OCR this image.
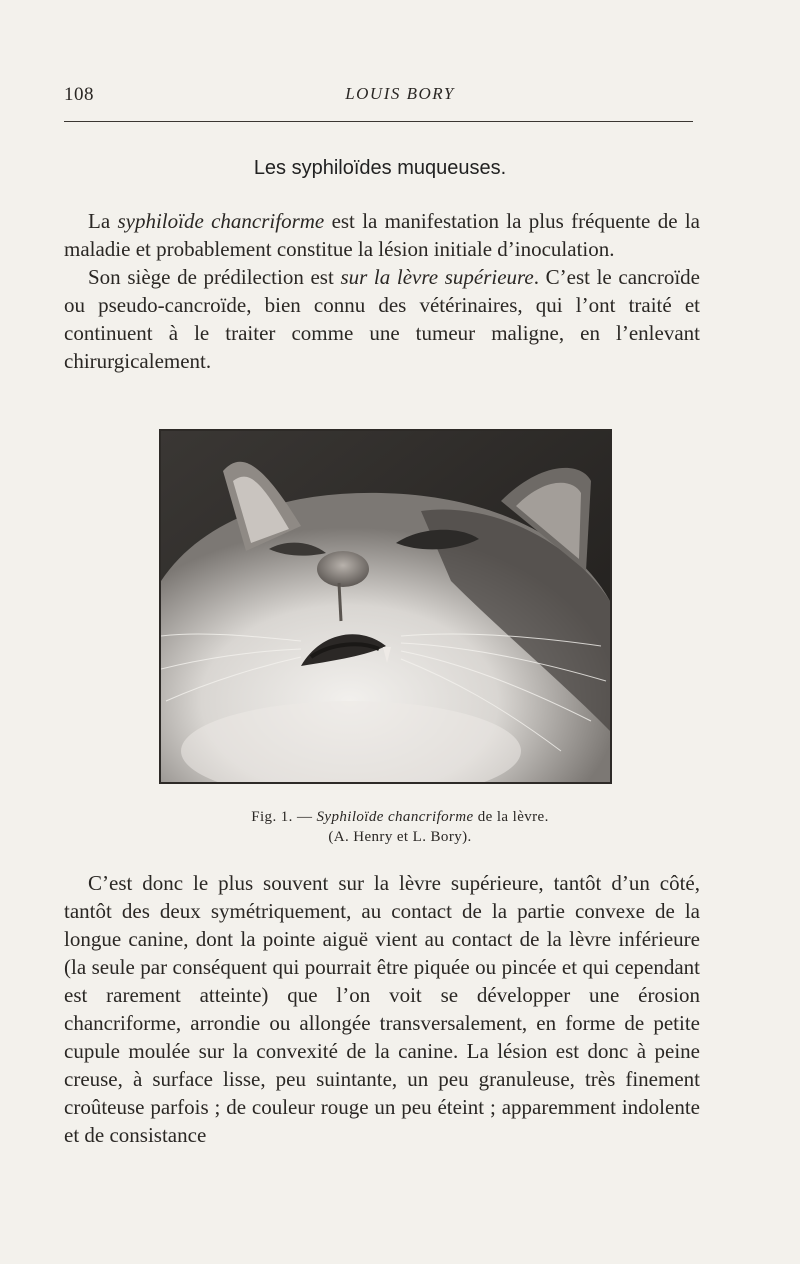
108	LOUIS BORY
Les syphiloïdes muqueuses.

La syphiloïde chancriforme est la manifestation la plus fréquente de la maladie et probablement constitue la lésion initiale d’inoculation.

Son siège de prédilection est sur la lèvre supérieure. C’est le cancroïde ou pseudo-cancroïde, bien connu des vétérinaires, qui l’ont traité et continuent à le traiter comme une tumeur maligne, en l’enlevant chirurgicalement.

Fig. 1. — Syphiloïde chancriforme de la lèvre.
(A. Henry et L. Bory).

C’est donc le plus souvent sur la lèvre supérieure, tantôt d’un côté, tantôt des deux symétriquement, au contact de la partie convexe de la longue canine, dont la pointe aiguë vient au contact de la lèvre inférieure (la seule par conséquent qui pourrait être piquée ou pincée et qui cependant est rarement atteinte) que l’on voit se développer une érosion chancriforme, arrondie ou allongée transversalement, en forme de petite cupule moulée sur la convexité de la canine. La lésion est donc à peine creuse, à surface lisse, peu suintante, un peu granuleuse, très finement croûteuse parfois ; de couleur rouge un peu éteint ; apparemment indolente et de consistance
